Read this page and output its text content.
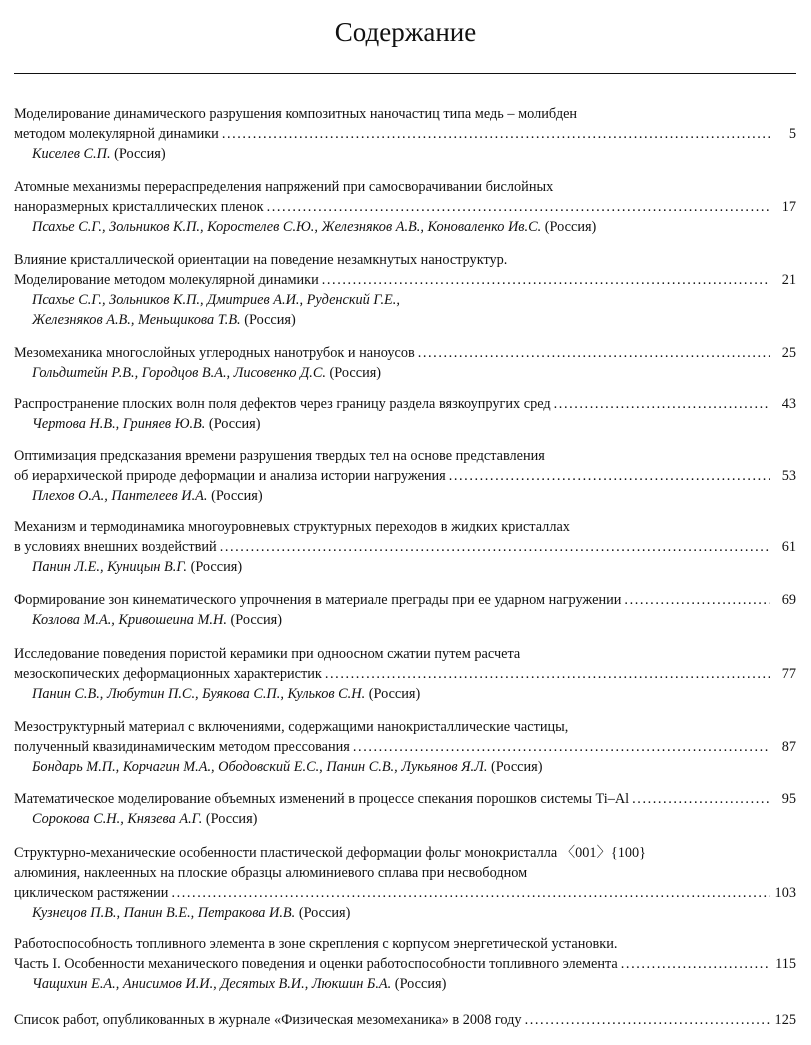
Содержание
Моделирование динамического разрушения композитных наночастиц типа медь – молибден
методом молекулярной динамики . . .	5
Киселев С.П. (Россия)
Атомные механизмы перераспределения напряжений при самосворачивании бислойных
наноразмерных кристаллических пленок . . .	17
Псахье С.Г., Зольников К.П., Коростелев С.Ю., Железняков А.В., Коноваленко Ив.С. (Россия)
Влияние кристаллической ориентации на поведение незамкнутых наноструктур.
Моделирование методом молекулярной динамики . . .	21
Псахье С.Г., Зольников К.П., Дмитриев А.И., Руденский Г.Е.,
Железняков А.В., Меньщикова Т.В. (Россия)
Мезомеханика многослойных углеродных нанотрубок и наноусов . . .	25
Гольдштейн Р.В., Городцов В.А., Лисовенко Д.С. (Россия)
Распространение плоских волн поля дефектов через границу раздела вязкоупругих сред . . .	43
Чертова Н.В., Гриняев Ю.В. (Россия)
Оптимизация предсказания времени разрушения твердых тел на основе представления
об иерархической природе деформации и анализа истории нагружения . . .	53
Плехов О.А., Пантелеев И.А. (Россия)
Механизм и термодинамика многоуровневых структурных переходов в жидких кристаллах
в условиях внешних воздействий . . .	61
Панин Л.Е., Куницын В.Г. (Россия)
Формирование зон кинематического упрочнения в материале преграды при ее ударном нагружении . . .	69
Козлова М.А., Кривошеина М.Н. (Россия)
Исследование поведения пористой керамики при одноосном сжатии путем расчета
мезоскопических деформационных характеристик . . .	77
Панин С.В., Любутин П.С., Буякова С.П., Кульков С.Н. (Россия)
Мезоструктурный материал с включениями, содержащими нанокристаллические частицы,
полученный квазидинамическим методом прессования . . .	87
Бондарь М.П., Корчагин М.А., Ободовский Е.С., Панин С.В., Лукьянов Я.Л. (Россия)
Математическое моделирование объемных изменений в процессе спекания порошков системы Ti–Al . . .	95
Сорокова С.Н., Князева А.Г. (Россия)
Структурно-механические особенности пластической деформации фольг монокристалла 〈001〉{100}
алюминия, наклеенных на плоские образцы алюминиевого сплава при несвободном
циклическом растяжении . . .	103
Кузнецов П.В., Панин В.Е., Петракова И.В. (Россия)
Работоспособность топливного элемента в зоне скрепления с корпусом энергетической установки.
Часть I. Особенности механического поведения и оценки работоспособности топливного элемента . . .	115
Чащихин Е.А., Анисимов И.И., Десятых В.И., Люкшин Б.А. (Россия)
Список работ, опубликованных в журнале «Физическая мезомеханика» в 2008 году . . .	125
